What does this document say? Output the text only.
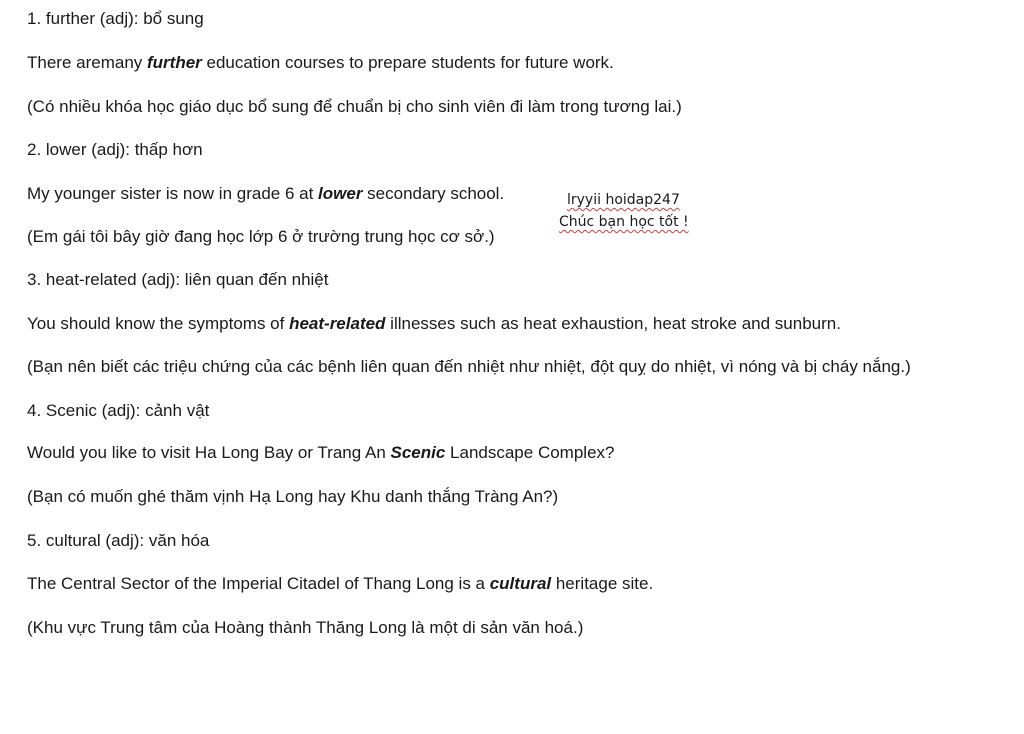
1. further (adj): bổ sung
There aremany further education courses to prepare students for future work.
(Có nhiều khóa học giáo dục bổ sung để chuẩn bị cho sinh viên đi làm trong tương lai.)
2. lower (adj): thấp hơn
My younger sister is now in grade 6 at lower secondary school.
(Em gái tôi bây giờ đang học lớp 6 ở trường trung học cơ sở.)
3. heat-related (adj): liên quan đến nhiệt
You should know the symptoms of heat-related illnesses such as heat exhaustion, heat stroke and sunburn.
(Bạn nên biết các triệu chứng của các bệnh liên quan đến nhiệt như nhiệt, đột quỵ do nhiệt, vì nóng và bị cháy nắng.)
4. Scenic (adj): cảnh vật
Would you like to visit Ha Long Bay or Trang An Scenic Landscape Complex?
(Bạn có muốn ghé thăm vịnh Hạ Long hay Khu danh thắng Tràng An?)
5. cultural (adj): văn hóa
The Central Sector of the Imperial Citadel of Thang Long is a cultural heritage site.
(Khu vực Trung tâm của Hoàng thành Thăng Long là một di sản văn hoá.)
lryyii hoidap247
Chúc bạn học tốt !
